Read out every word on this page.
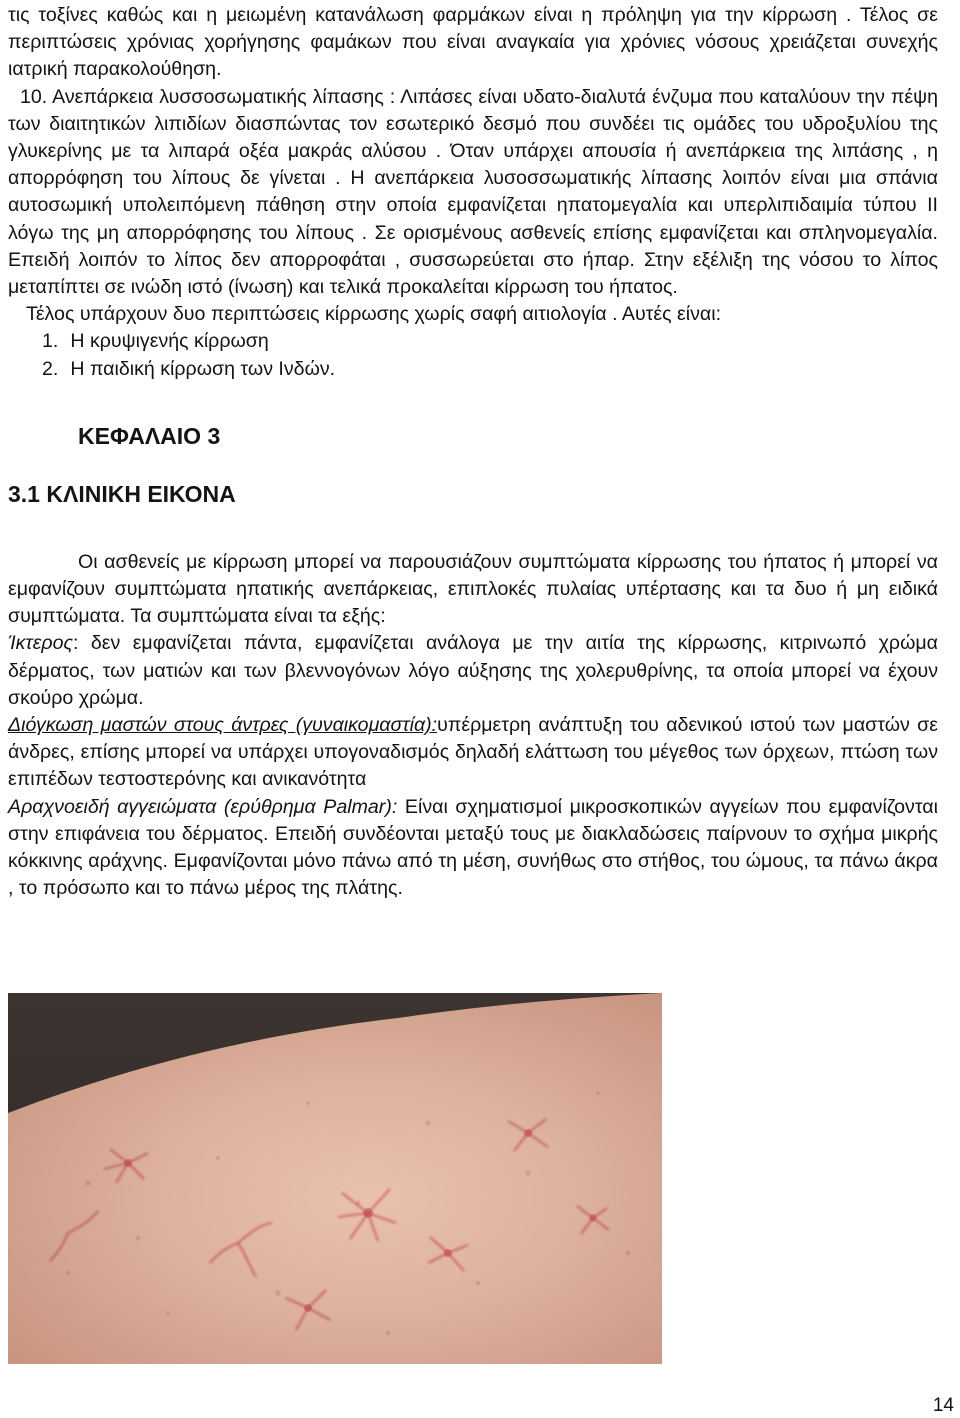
τις τοξίνες καθώς και η μειωμένη κατανάλωση φαρμάκων είναι η πρόληψη για την κίρρωση . Τέλος σε περιπτώσεις χρόνιας χορήγησης φαμάκων που είναι αναγκαία για χρόνιες νόσους χρειάζεται συνεχής ιατρική παρακολούθηση.

10. Ανεπάρκεια λυσσοσωματικής λίπασης : Λιπάσες είναι υδατο-διαλυτά ένζυμα που καταλύουν την πέψη των διαιτητικών λιπιδίων διασπώντας τον εσωτερικό δεσμό που συνδέει τις ομάδες του υδροξυλίου της γλυκερίνης με τα λιπαρά οξέα μακράς αλύσου . Όταν υπάρχει απουσία ή ανεπάρκεια της λιπάσης , η απορρόφηση του λίπους δε γίνεται . Η ανεπάρκεια λυσοσσωματικής λίπασης λοιπόν είναι μια σπάνια αυτοσωμική υπολειπόμενη πάθηση στην οποία εμφανίζεται ηπατομεγαλία και υπερλιπιδαιμία τύπου ΙΙ λόγω της μη απορρόφησης του λίπους . Σε ορισμένους ασθενείς επίσης εμφανίζεται και σπληνομεγαλία. Επειδή λοιπόν το λίπος δεν απορροφάται , συσσωρεύεται στο ήπαρ. Στην εξέλιξη της νόσου το λίπος μεταπίπτει σε ινώδη ιστό (ίνωση) και τελικά προκαλείται κίρρωση του ήπατος.

Τέλος υπάρχουν δυο περιπτώσεις κίρρωσης χωρίς σαφή αιτιολογία . Αυτές είναι:

1. Η κρυψιγενής κίρρωση
2. Η παιδική κίρρωση των Ινδών.
ΚΕΦΑΛΑΙΟ 3
3.1 ΚΛΙΝΙΚΗ ΕΙΚΟΝΑ

Οι ασθενείς με κίρρωση μπορεί να παρουσιάζουν συμπτώματα κίρρωσης του ήπατος ή μπορεί να εμφανίζουν συμπτώματα ηπατικής ανεπάρκειας, επιπλοκές πυλαίας υπέρτασης και τα δυο ή μη ειδικά συμπτώματα. Τα συμπτώματα είναι τα εξής:

Ίκτερος: δεν εμφανίζεται πάντα, εμφανίζεται ανάλογα με την αιτία της κίρρωσης, κιτρινωπό χρώμα δέρματος, των ματιών και των βλεννογόνων λόγο αύξησης της χολερυθρίνης, τα οποία μπορεί να έχουν σκούρο χρώμα.

Διόγκωση μαστών στους άντρες (γυναικομαστία):υπέρμετρη ανάπτυξη του αδενικού ιστού των μαστών σε άνδρες, επίσης μπορεί να υπάρχει υπογοναδισμός δηλαδή ελάττωση του μέγεθος των όρχεων, πτώση των επιπέδων τεστοστερόνης και ανικανότητα

Αραχνοειδή αγγειώματα (ερύθρημα Palmar): Είναι σχηματισμοί μικροσκοπικών αγγείων που εμφανίζονται στην επιφάνεια του δέρματος. Επειδή συνδέονται μεταξύ τους με διακλαδώσεις παίρνουν το σχήμα μικρής κόκκινης αράχνης. Εμφανίζονται μόνο πάνω από τη μέση, συνήθως στο στήθος, του ώμους, τα πάνω άκρα , το πρόσωπο και το πάνω μέρος της πλάτης.

14
